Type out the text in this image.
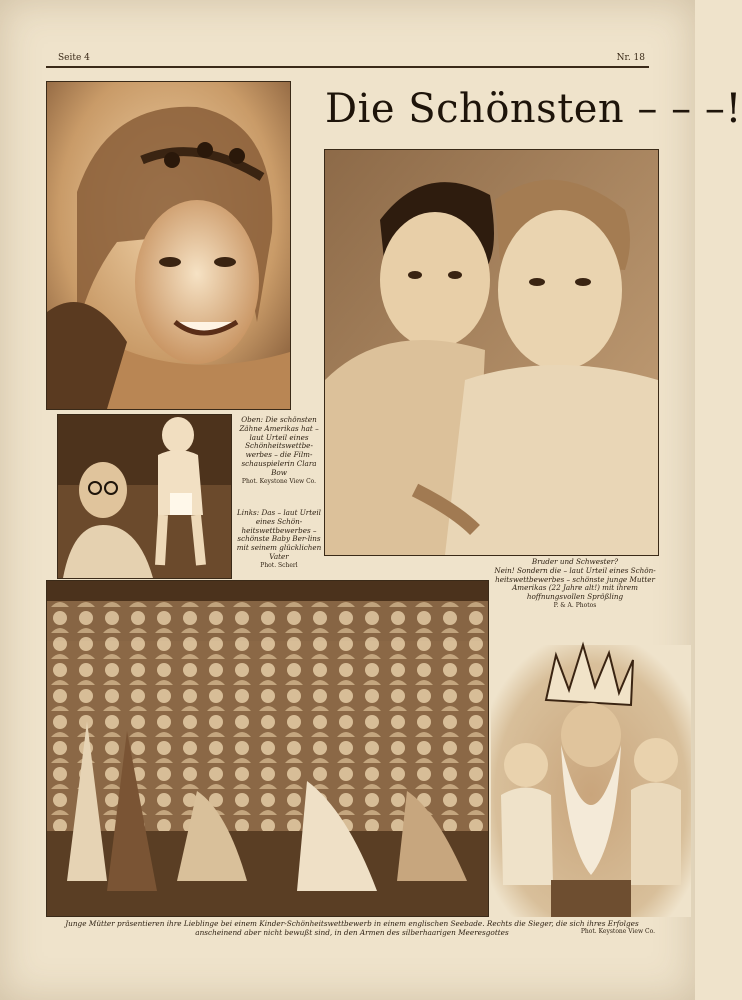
Seite 4	Nr. 18
Die Schönsten – – –!
Oben: Die schönsten Zähne Amerikas hat – laut Urteil eines Schönheitswettbe-werbes – die Film-schauspielerin Clara Bow
Phot. Keystone View Co.
Links: Das – laut Urteil eines Schön-heitswettbewerbes – schönste Baby Ber-lins mit seinem glücklichen Vater
Phot. Scherl	Bruder und Schwester?
Nein! Sondern die – laut Urteil eines Schön-heitswettbewerbes – schönste junge Mutter Amerikas (22 Jahre alt!) mit ihrem hoffnungsvollen Sprößling
P. & A. Photos
Junge Mütter präsentieren ihre Lieblinge bei einem Kinder-Schönheitswettbewerb in einem englischen Seebade. Rechts die Sieger, die sich ihres Erfolges anscheinend aber nicht bewußt sind, in den Armen des silberhaarigen Meeresgottes	Phot. Keystone View Co.
